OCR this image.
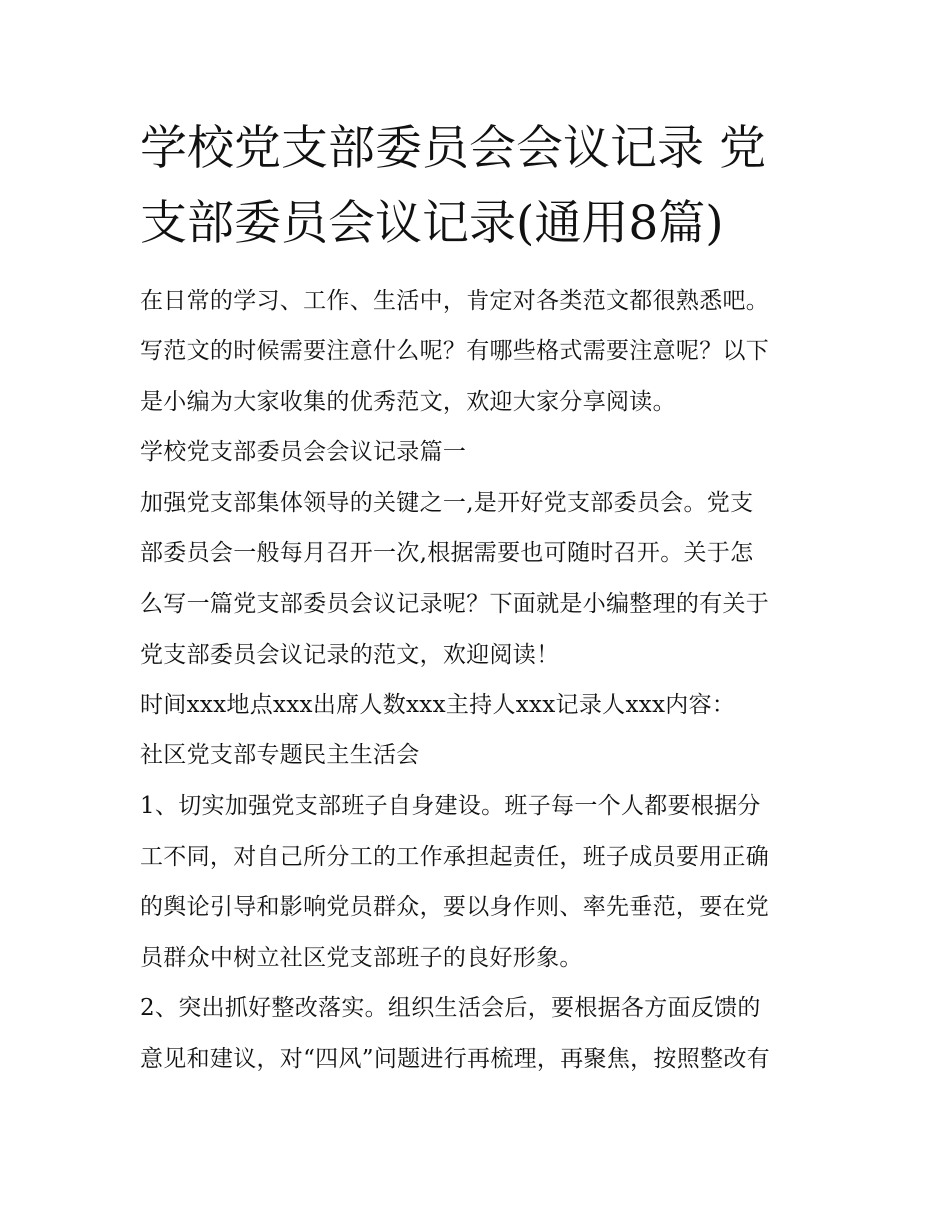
学校党支部委员会会议记录 党
支部委员会议记录(通用8篇)
在日常的学习、工作、生活中，肯定对各类范文都很熟悉吧。
写范文的时候需要注意什么呢？有哪些格式需要注意呢？以下
是小编为大家收集的优秀范文，欢迎大家分享阅读。
学校党支部委员会会议记录篇一
加强党支部集体领导的关键之一,是开好党支部委员会。党支
部委员会一般每月召开一次,根据需要也可随时召开。关于怎
么写一篇党支部委员会议记录呢？下面就是小编整理的有关于
党支部委员会议记录的范文，欢迎阅读！
时间xxx地点xxx出席人数xxx主持人xxx记录人xxx内容：
社区党支部专题民主生活会
1、切实加强党支部班子自身建设。班子每一个人都要根据分
工不同，对自己所分工的工作承担起责任，班子成员要用正确
的舆论引导和影响党员群众，要以身作则、率先垂范，要在党
员群众中树立社区党支部班子的良好形象。
2、突出抓好整改落实。组织生活会后，要根据各方面反馈的
意见和建议，对“四风”问题进行再梳理，再聚焦，按照整改有
